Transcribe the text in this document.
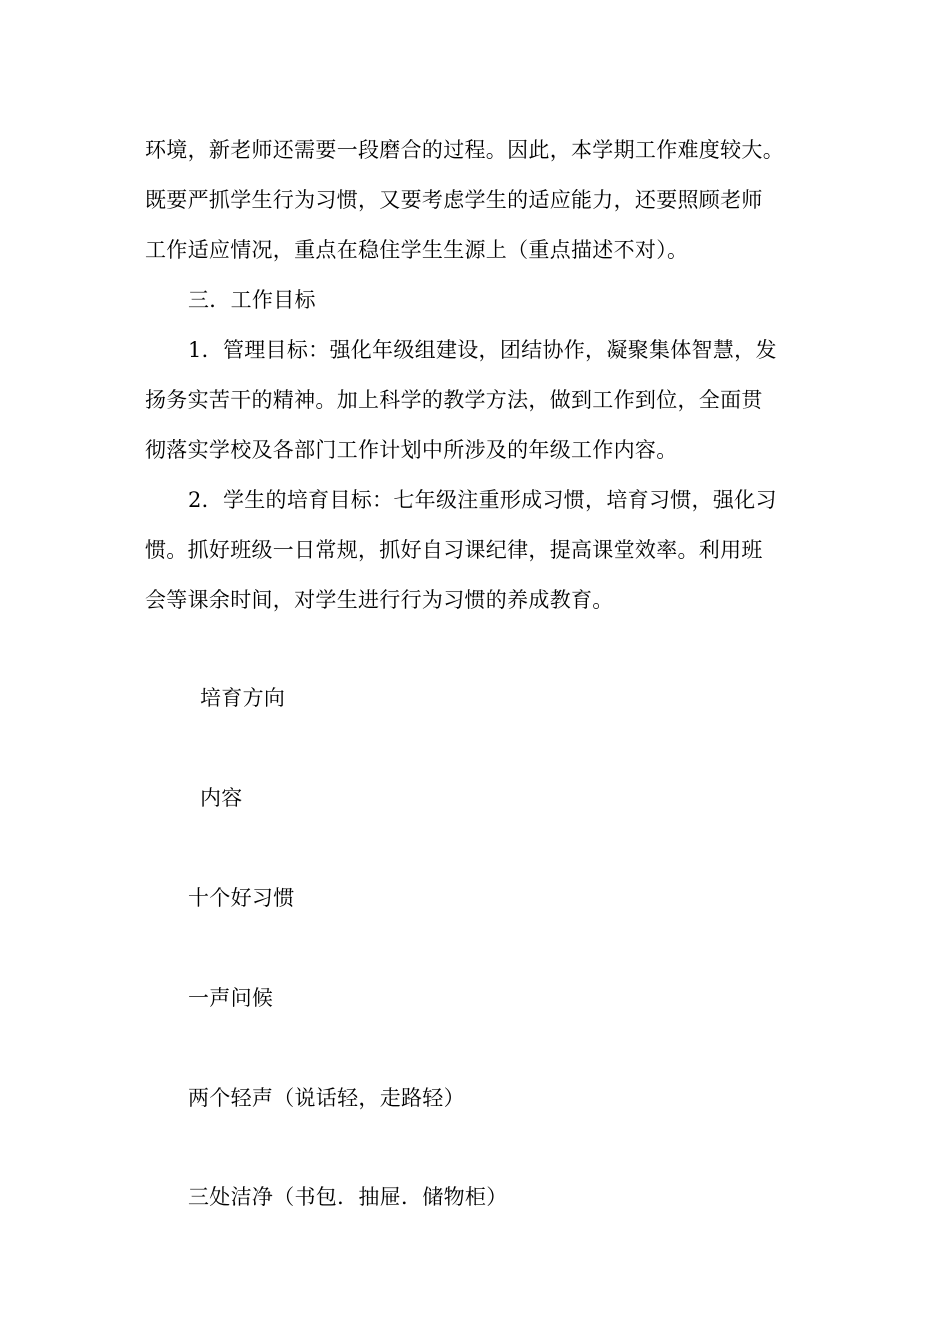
环境，新老师还需要一段磨合的过程。因此，本学期工作难度较大。
既要严抓学生行为习惯，又要考虑学生的适应能力，还要照顾老师
工作适应情况，重点在稳住学生生源上（重点描述不对）。
三．工作目标
1．管理目标：强化年级组建设，团结协作，凝聚集体智慧，发
扬务实苦干的精神。加上科学的教学方法，做到工作到位，全面贯
彻落实学校及各部门工作计划中所涉及的年级工作内容。
2．学生的培育目标：七年级注重形成习惯，培育习惯，强化习
惯。抓好班级一日常规，抓好自习课纪律，提高课堂效率。利用班
会等课余时间，对学生进行行为习惯的养成教育。
培育方向
内容
十个好习惯
一声问候
两个轻声（说话轻，走路轻）
三处洁净（书包．抽屉．储物柜）
